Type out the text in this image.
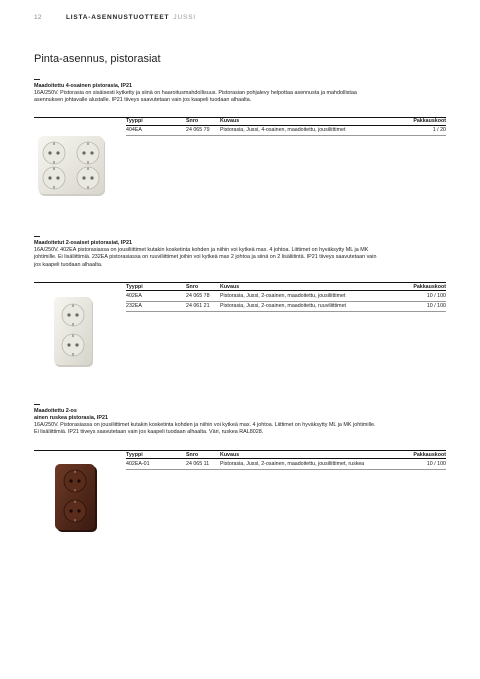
12	LISTA-ASENNUSTUOTTEET JUSSI
Pinta-asennus, pistorasiat
Maadoitettu 4-osainen pistorasia, IP21
16A/250V. Pistorasia on sisäisesti kytketty ja siinä on haaroitusmahdollisuus. Pistorasian pohjalevy helpottaa asennusta ja mahdollistaa
asennuksen johtavalle alustalle. IP21 tiiveys saavutetaan vain jos kaapeli tuodaan alhaalta.
Tyyppi	Snro	Kuvaus	Pakkauskoot
404EA	24 065 79	Pistorasia, Jussi, 4-osainen, maadoitettu, jousiliittimet	1 / 20
Maadoitetut 2-osaiset pistorasiat, IP21
16A/250V. 402EA pistorasiassa on jousiliittimet kutakin kosketinta kohden ja niihin voi kytkeä max. 4 johtoa. Liittimet on hyväksytty ML ja MK
johtimille. Ei lisäliittimiä. 232EA pistorasiassa on ruuviliittimet joihin voi kytkeä max 2 johtoa ja siinä on 2 lisäliitintä. IP21 tiiveys saavutetaan vain
jos kaapeli tuodaan alhaalta.
Tyyppi	Snro	Kuvaus	Pakkauskoot
402EA	24 065 78	Pistorasia, Jussi, 2-osainen, maadoitettu, jousiliittimet	10 / 100
232EA	24 061 21	Pistorasia, Jussi, 2-osainen, maadoitettu, ruuviliittimet	10 / 100
Maadoitettu 2-os
ainen ruskea pistorasia, IP21
16A/250V. Pistorasiassa on jousiliittimet kutakin kosketinta kohden ja niihin voi kytkeä max. 4 johtoa. Liittimet on hyväksytty ML ja MK johtimille.
Ei lisäliittimiä. IP21 tiiveys saavutetaan vain jos kaapeli tuodaan alhaalta. Väri, ruskea RAL8028.
Tyyppi	Snro	Kuvaus	Pakkauskoot
402EA-01	24 065 11	Pistorasia, Jussi, 2-osainen, maadoitettu, jousiliittimet, ruskea	10 / 100
